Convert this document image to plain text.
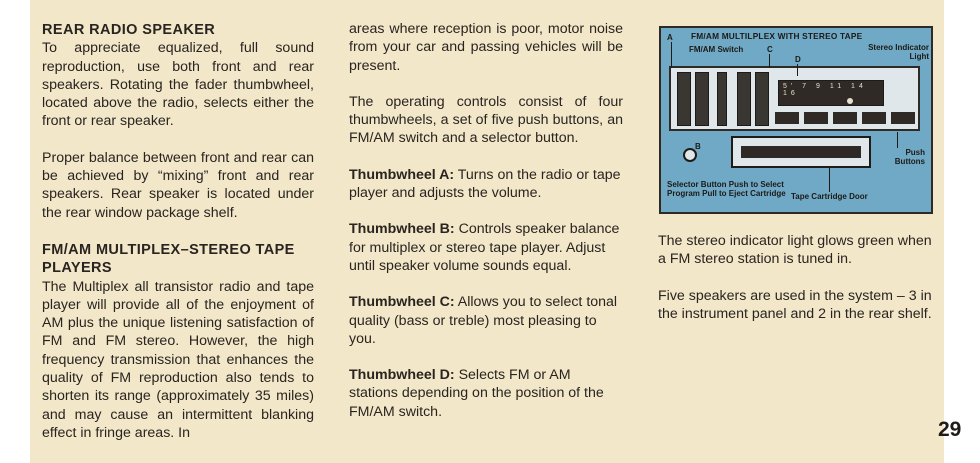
REAR RADIO SPEAKER

To appreciate equalized, full sound reproduction, use both front and rear speakers. Rotating the fader thumbwheel, located above the radio, selects either the front or rear speaker.

Proper balance between front and rear can be achieved by “mixing” front and rear speakers. Rear speaker is located under the rear window package shelf.

FM/AM MULTIPLEX–STEREO TAPE PLAYERS

The Multiplex all transistor radio and tape player will provide all of the enjoyment of AM plus the unique listening satisfaction of FM and FM stereo. However, the high frequency transmission that enhances the quality of FM reproduction also tends to shorten its range (approximately 35 miles) and may cause an intermittent blanking effect in fringe areas. In

areas where reception is poor, motor noise from your car and passing vehicles will be present.

The operating controls consist of four thumbwheels, a set of five push buttons, an FM/AM switch and a selector button.

Thumbwheel A: Turns on the radio or tape player and adjusts the volume.

Thumbwheel B: Controls speaker balance for multiplex or stereo tape player. Adjust until speaker volume sounds equal.

Thumbwheel C: Allows you to select tonal quality (bass or treble) most pleasing to you.

Thumbwheel D: Selects FM or AM stations depending on the position of the FM/AM switch.

FM/AM MULTILPLEX WITH STEREO TAPE
A
FM/AM Switch	C
D
Stereo Indicator Light
5' 7 9 11 14 16
B
Push Buttons
Selector Button Push to Select Program Pull to Eject Cartridge Tape Cartridge Door

The stereo indicator light glows green when a FM stereo station is tuned in.

Five speakers are used in the system – 3 in the instrument panel and 2 in the rear shelf.

29
